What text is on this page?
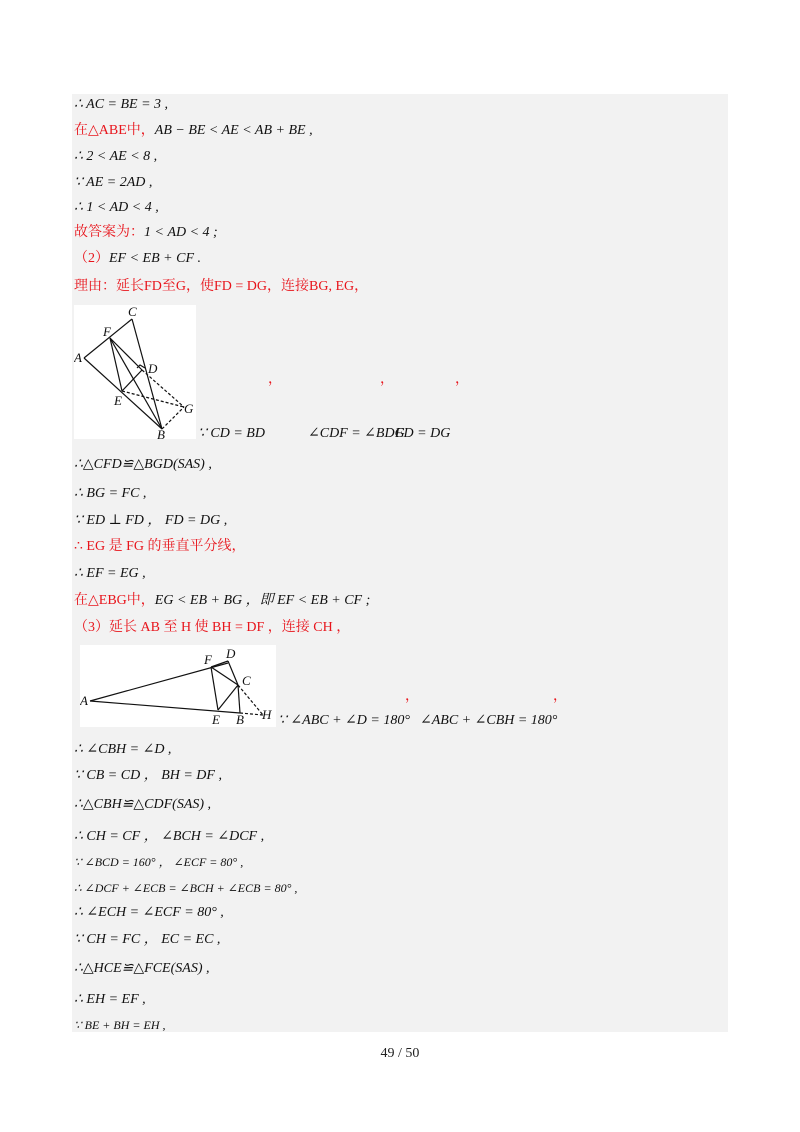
∴ AC = BE = 3 ,
在△ABE中，AB − BE < AE < AB + BE ,
∴ 2 < AE < 8 ,
∵ AE = 2AD ,
∴ 1 < AD < 4 ,
故答案为：1 < AD < 4 ;
（2）EF < EB + CF .
理由：延长FD至G，使FD = DG，连接BG, EG，
A
C
F
D
E
G
B
，	，	，
∵ CD = BD	∠CDF = ∠BDG
FD = DG
∴△CFD≌△BGD(SAS) ,
∴ BG = FC ,
∵ ED ⊥ FD ， FD = DG ,
∴ EG 是 FG 的垂直平分线，
∴ EF = EG ,
在△EBG中，EG < EB + BG ，即 EF < EB + CF ;
（3）延长 AB 至 H 使 BH = DF ，连接 CH ，
A
F D
C
E B H
，	，
∵ ∠ABC + ∠D = 180° ∠ABC + ∠CBH = 180°
∴ ∠CBH = ∠D ,
∵ CB = CD ， BH = DF ,
∴△CBH≌△CDF(SAS) ,
∴ CH = CF ， ∠BCH = ∠DCF ,
∵ ∠BCD = 160° ， ∠ECF = 80° ,
∴ ∠DCF + ∠ECB = ∠BCH + ∠ECB = 80° ,
∴ ∠ECH = ∠ECF = 80° ,
∵ CH = FC ， EC = EC ,
∴△HCE≌△FCE(SAS) ,
∴ EH = EF ,
∵ BE + BH = EH ,
49 / 50
